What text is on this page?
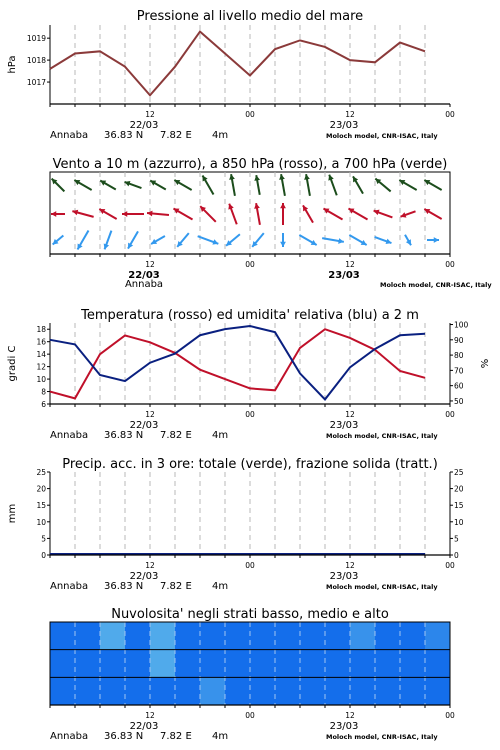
Pressione al livello medio del mare
1017
1018
1019
hPa
12	00	12	00
22/03	23/03
Annaba 36.83 N 7.82 E 4m	Moloch model, CNR-ISAC, Italy
Vento a 10 m (azzurro), a 850 hPa (rosso), a 700 hPa (verde)
12	00	12	00
22/03	23/03
Annaba	Moloch model, CNR-ISAC, Italy
Temperatura (rosso) ed umidita' relativa (blu) a 2 m
6
8
10
12
14
16
18
50
60
70
80
90
100
gradi C	%
12	00	12	00
22/03	23/03
Annaba 36.83 N 7.82 E 4m	Moloch model, CNR-ISAC, Italy
Precip. acc. in 3 ore: totale (verde), frazione solida (tratt.)
0	0
5	5
10	10
15	15
20	20
25	25
mm
12	00	12	00
22/03	23/03
Annaba 36.83 N 7.82 E 4m	Moloch model, CNR-ISAC, Italy
Nuvolosita' negli strati basso, medio e alto
12	00	12	00
22/03	23/03
Annaba 36.83 N 7.82 E 4m	Moloch model, CNR-ISAC, Italy
